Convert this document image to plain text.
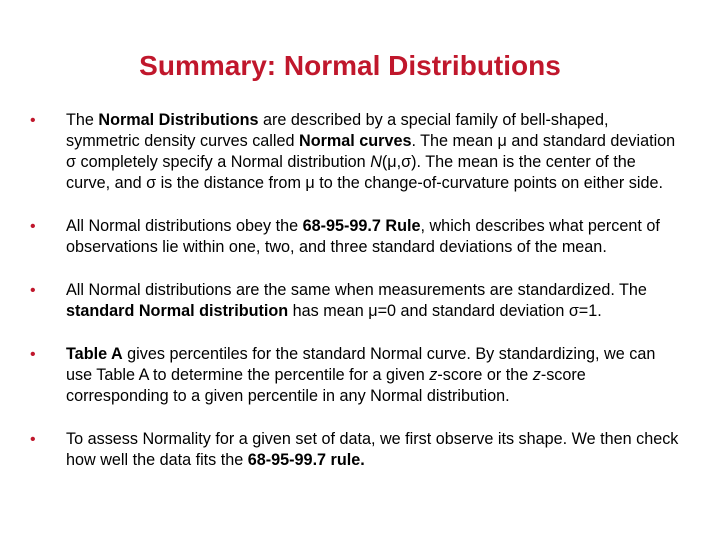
Summary: Normal Distributions
• The Normal Distributions are described by a special family of bell-shaped, symmetric density curves called Normal curves. The mean μ and standard deviation σ completely specify a Normal distribution N(μ,σ). The mean is the center of the curve, and σ is the distance from μ to the change-of-curvature points on either side.
• All Normal distributions obey the 68-95-99.7 Rule, which describes what percent of observations lie within one, two, and three standard deviations of the mean.
• All Normal distributions are the same when measurements are standardized. The standard Normal distribution has mean μ=0 and standard deviation σ=1.
• Table A gives percentiles for the standard Normal curve. By standardizing, we can use Table A to determine the percentile for a given z-score or the z-score corresponding to a given percentile in any Normal distribution.
• To assess Normality for a given set of data, we first observe its shape. We then check how well the data fits the 68-95-99.7 rule.
